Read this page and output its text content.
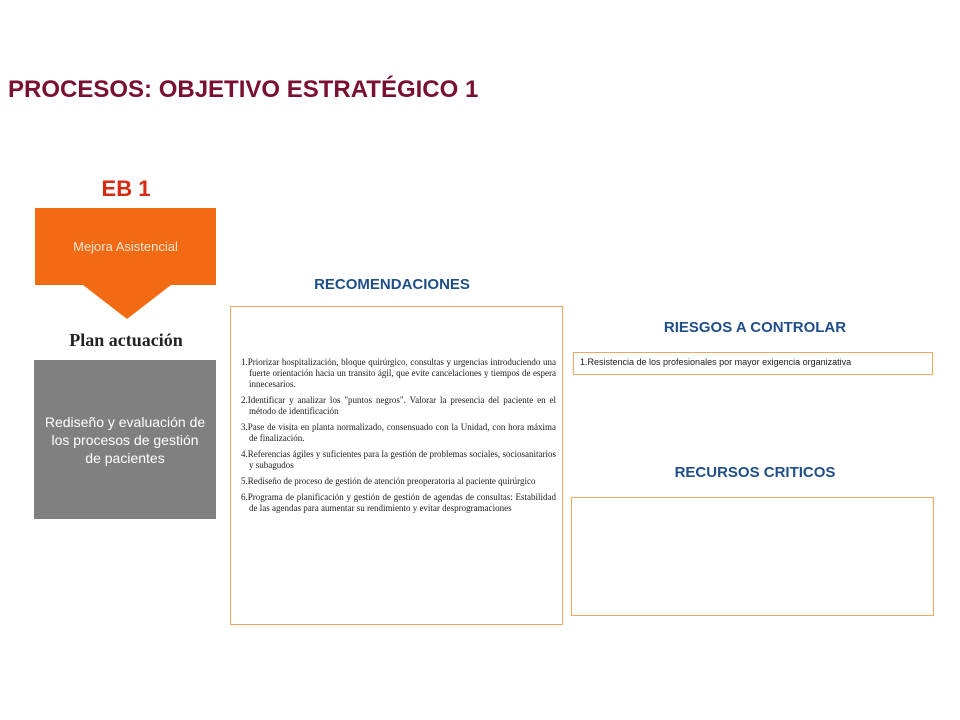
PROCESOS: OBJETIVO ESTRATÉGICO 1
EB 1
Mejora Asistencial
Plan actuación
Rediseño y evaluación de los procesos de gestión de pacientes
RECOMENDACIONES
1.Priorizar hospitalización, bloque quirúrgico, consultas y urgencias introduciendo una fuerte orientación hacia un transito ágil, que evite cancelaciones y tiempos de espera innecesarios.
2.Identificar y analizar los "puntos negros". Valorar la presencia del paciente en el método de identificación
3.Pase de visita en planta normalizado, consensuado con la Unidad, con hora máxima de finalización.
4.Referencias ágiles y suficientes para la gestión de problemas sociales, sociosanitarios y subagudos
5.Rediseño de proceso de gestión de atención preoperatoria al paciente quirúrgico
6.Programa de planificación y gestión de gestión de agendas de consultas: Estabilidad de las agendas para aumentar su rendimiento y evitar desprogramaciones
RIESGOS A CONTROLAR
1.Resistencia de los profesionales por mayor exigencia organizativa
RECURSOS CRITICOS
